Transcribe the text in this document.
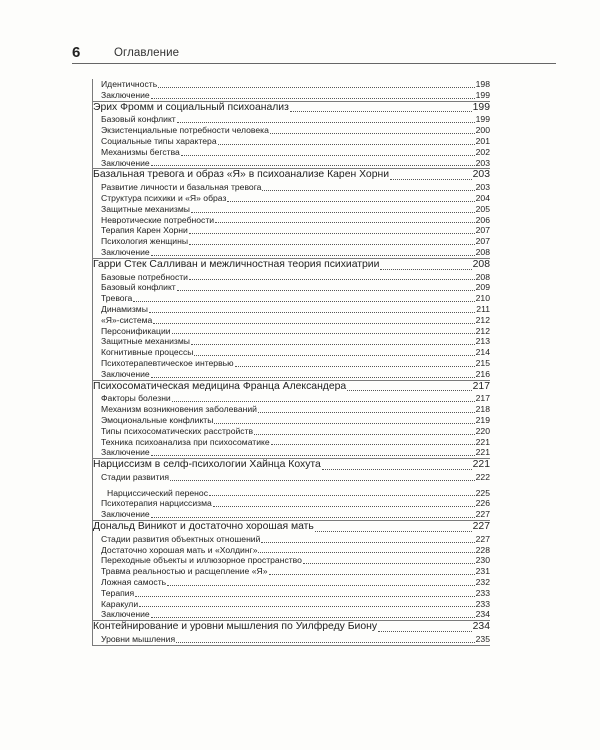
6	Оглавление
Идентичность	198
Заключение	199
Эрих Фромм и социальный психоанализ	199
Базовый конфликт	199
Экзистенциальные потребности человека	200
Социальные типы характера	201
Механизмы бегства	202
Заключение	203
Базальная тревога и образ «Я» в психоанализе Карен Хорни	203
Развитие личности и базальная тревога	203
Структура психики и «Я» образ	204
Защитные механизмы	205
Невротические потребности	206
Терапия Карен Хорни	207
Психология женщины	207
Заключение	208
Гарри Стек Салливан и межличностная теория психиатрии	208
Базовые потребности	208
Базовый конфликт	209
Тревога	210
Динамизмы	211
«Я»-система	212
Персонификации	212
Защитные механизмы	213
Когнитивные процессы	214
Психотерапевтическое интервью	215
Заключение	216
Психосоматическая медицина Франца Александера	217
Факторы болезни	217
Механизм возникновения заболеваний	218
Эмоциональные конфликты	219
Типы психосоматических расстройств	220
Техника психоанализа при психосоматике	221
Заключение	221
Нарциссизм в селф-психологии Хайнца Кохута	221
Стадии развития	222
Нарциссический перенос	225
Психотерапия нарциссизма	226
Заключение	227
Дональд Виникот и достаточно хорошая мать	227
Стадии развития объектных отношений	227
Достаточно хорошая мать и «Холдинг»	228
Переходные объекты и иллюзорное пространство	230
Травма реальностью и расщепление «Я»	231
Ложная самость	232
Терапия	233
Каракули	233
Заключение	234
Контейнирование и уровни мышления по Уилфреду Биону	234
Уровни мышления	235
